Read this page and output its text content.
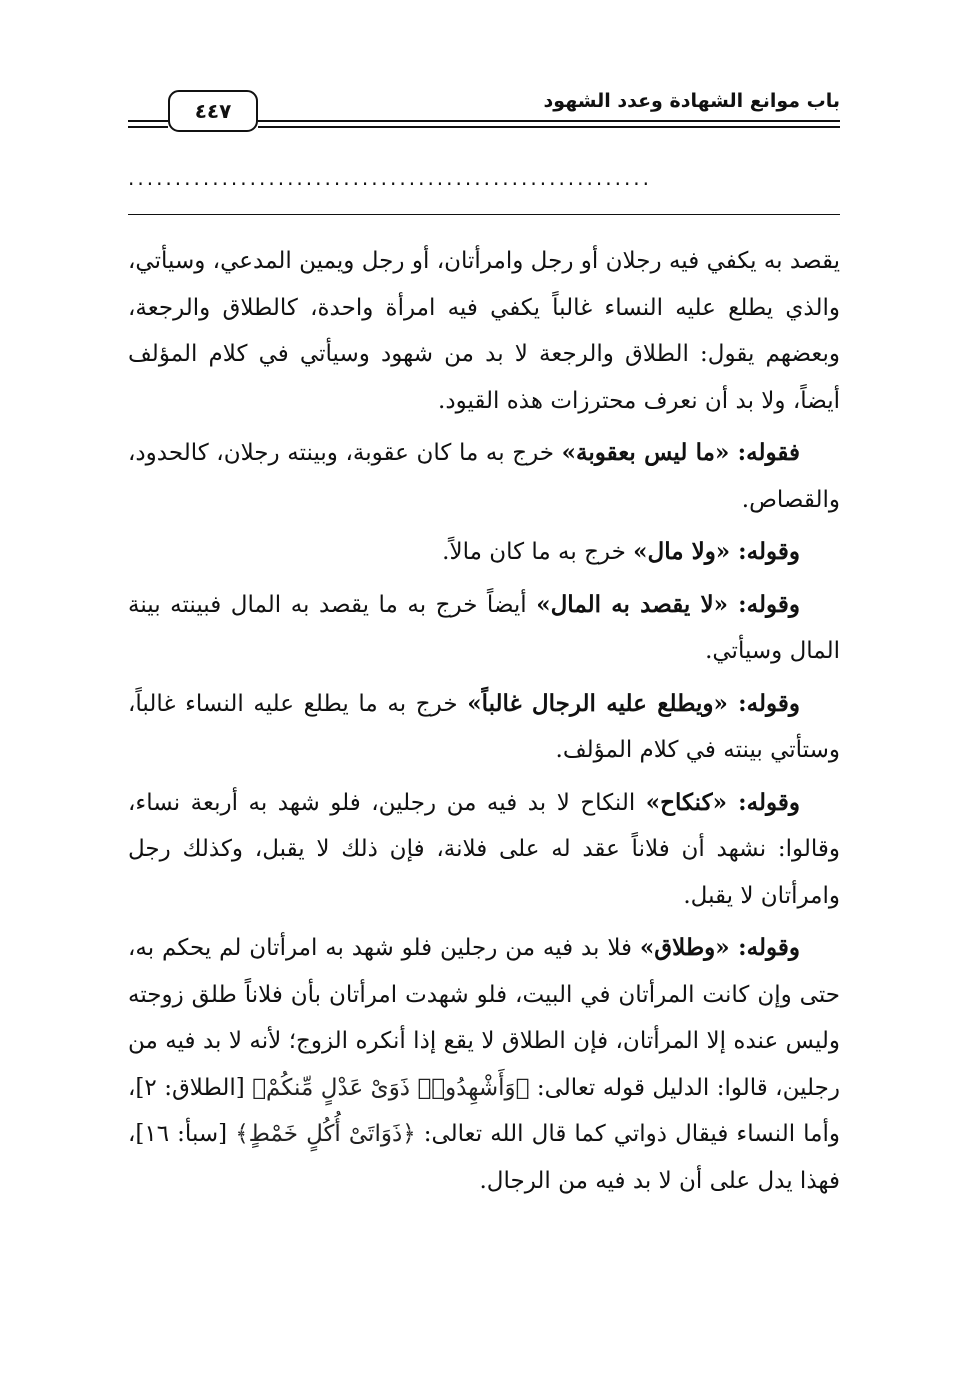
باب موانع الشهادة وعدد الشهود
٤٤٧
........................................................

يقصد به يكفي فيه رجلان أو رجل وامرأتان، أو رجل ويمين المدعي، وسيأتي، والذي يطلع عليه النساء غالباً يكفي فيه امرأة واحدة، كالطلاق والرجعة، وبعضهم يقول: الطلاق والرجعة لا بد من شهود وسيأتي في كلام المؤلف أيضاً، ولا بد أن نعرف محترزات هذه القيود.

فقوله: «ما ليس بعقوبة» خرج به ما كان عقوبة، وبينته رجلان، كالحدود، والقصاص.

وقوله: «ولا مال» خرج به ما كان مالاً.

وقوله: «لا يقصد به المال» أيضاً خرج به ما يقصد به المال فبينته بينة المال وسيأتي.

وقوله: «ويطلع عليه الرجال غالباً» خرج به ما يطلع عليه النساء غالباً، وستأتي بينته في كلام المؤلف.

وقوله: «كنكاح» النكاح لا بد فيه من رجلين، فلو شهد به أربعة نساء، وقالوا: نشهد أن فلاناً عقد له على فلانة، فإن ذلك لا يقبل، وكذلك رجل وامرأتان لا يقبل.

وقوله: «وطلاق» فلا بد فيه من رجلين فلو شهد به امرأتان لم يحكم به، حتى وإن كانت المرأتان في البيت، فلو شهدت امرأتان بأن فلاناً طلق زوجته وليس عنده إلا المرأتان، فإن الطلاق لا يقع إذا أنكره الزوج؛ لأنه لا بد فيه من رجلين، قالوا: الدليل قوله تعالى: ﴿وَأَشْهِدُوا۟ ذَوَىْ عَدْلٍ مِّنكُمْ﴾ [الطلاق: ٢]، وأما النساء فيقال ذواتي كما قال الله تعالى: ﴿ذَوَاتَىْ أُكُلٍ خَمْطٍ﴾ [سبأ: ١٦]، فهذا يدل على أن لا بد فيه من الرجال.
